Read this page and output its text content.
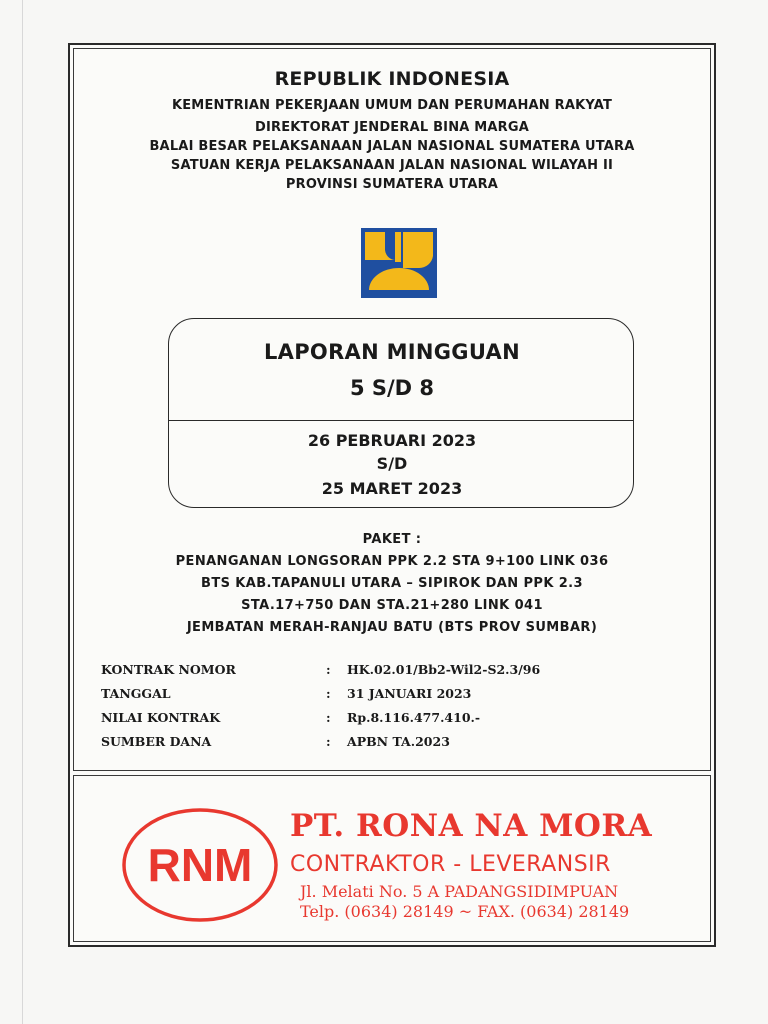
REPUBLIK INDONESIA
KEMENTRIAN PEKERJAAN UMUM DAN PERUMAHAN RAKYAT
DIREKTORAT JENDERAL BINA MARGA
BALAI BESAR PELAKSANAAN JALAN NASIONAL SUMATERA UTARA
SATUAN KERJA PELAKSANAAN JALAN NASIONAL WILAYAH II
PROVINSI SUMATERA UTARA
LAPORAN MINGGUAN
5 S/D 8
26 PEBRUARI 2023
S/D
25 MARET 2023
PAKET :
PENANGANAN LONGSORAN PPK 2.2 STA 9+100 LINK 036
BTS KAB.TAPANULI UTARA – SIPIROK DAN PPK 2.3
STA.17+750 DAN STA.21+280 LINK 041
JEMBATAN MERAH-RANJAU BATU (BTS PROV SUMBAR)
KONTRAK NOMOR	: HK.02.01/Bb2-Wil2-S2.3/96
TANGGAL	: 31 JANUARI 2023
NILAI KONTRAK	: Rp.8.116.477.410.-
SUMBER DANA	: APBN TA.2023
RNM
PT. RONA NA MORA
CONTRAKTOR - LEVERANSIR
Jl. Melati No. 5 A PADANGSIDIMPUAN
Telp. (0634) 28149 ~ FAX. (0634) 28149
